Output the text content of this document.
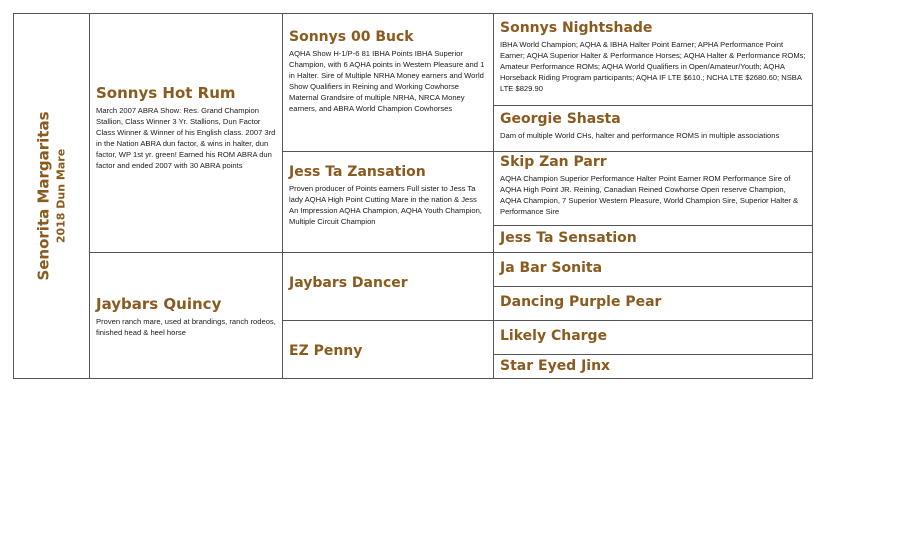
Senorita Margaritas 2018 Dun Mare
Sonnys Hot Rum
March 2007 ABRA Show: Res. Grand Champion Stallion, Class Winner 3 Yr. Stallions, Dun Factor Class Winner & Winner of his English class. 2007 3rd in the Nation ABRA dun factor, & wins in halter, dun factor, WP 1st yr. green! Earned his ROM ABRA dun factor and ended 2007 with 30 ABRA points
Jaybars Quincy
Proven ranch mare, used at brandings, ranch rodeos, finished head & heel horse
Sonnys 00 Buck
AQHA Show H-1/P-6 81 IBHA Points IBHA Superior Champion, with 6 AQHA points in Western Pleasure and 1 in Halter. Sire of Multiple NRHA Money earners and World Show Qualifiers in Reining and Working Cowhorse Maternal Grandsire of multiple NRHA, NRCA Money earners, and ABRA World Champion Cowhorses
Jess Ta Zansation
Proven producer of Points earners Full sister to Jess Ta lady AQHA High Point Cutting Mare in the nation & Jess An Impression AQHA Champion, AQHA Youth Champion, Multiple Circuit Champion
Jaybars Dancer
EZ Penny
Sonnys Nightshade
IBHA World Champion; AQHA & IBHA Halter Point Earner; APHA Performance Point Earner; AQHA Superior Halter & Performance Horses; AQHA Halter & Performance ROMs; Amateur Performance ROMs; AQHA World Qualifiers in Open/Amateur/Youth; AQHA Horseback Riding Program participants; AQHA IF LTE $610.; NCHA LTE $2680.60; NSBA LTE $829.90
Georgie Shasta
Dam of multiple World CHs, halter and performance ROMS in multiple associations
Skip Zan Parr
AQHA Champion Superior Performance Halter Point Earner ROM Performance Sire of AQHA High Point JR. Reining, Canadian Reined Cowhorse Open reserve Champion, AQHA Champion, 7 Superior Western Pleasure, World Champion Sire, Superior Halter & Performance Sire
Jess Ta Sensation
Ja Bar Sonita
Dancing Purple Pear
Likely Charge
Star Eyed Jinx
